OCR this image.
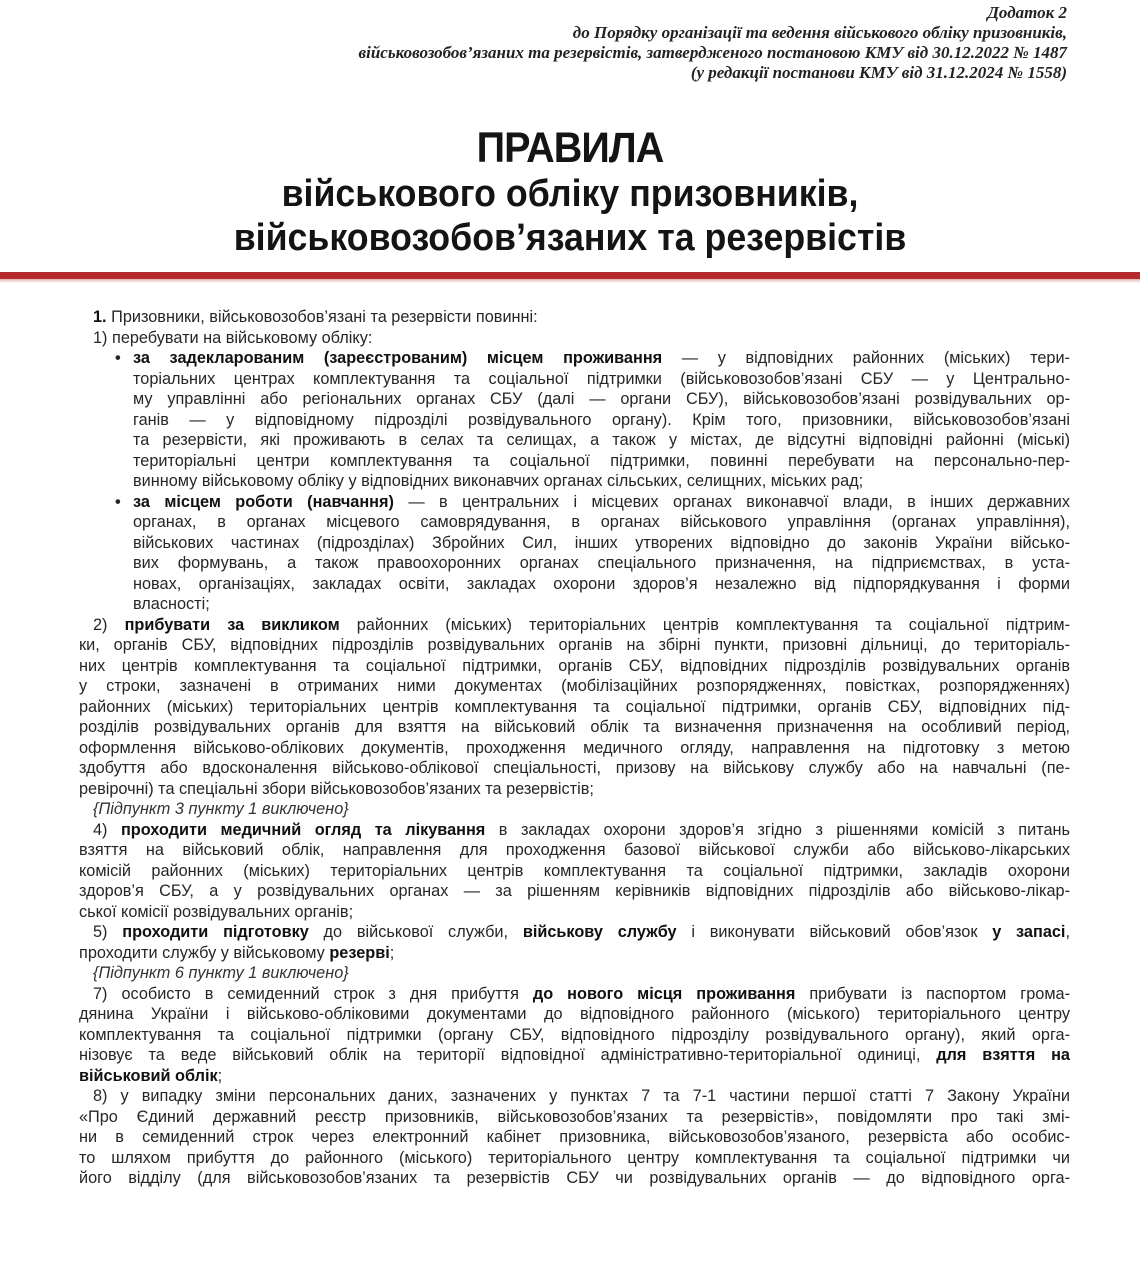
Додаток 2
до Порядку організації та ведення військового обліку призовників,
військовозобов’язаних та резервістів, затвердженого постановою КМУ від 30.12.2022 № 1487
(у редакції постанови КМУ від 31.12.2024 № 1558)
ПРАВИЛА
військового обліку призовників,
військовозобов’язаних та резервістів

1. Призовники, військовозобов’язані та резервісти повинні:

1) перебувати на військовому обліку:

• за задекларованим (зареєстрованим) місцем проживання — у відповідних районних (міських) тери-
торіальних центрах комплектування та соціальної підтримки (військовозобов’язані СБУ — у Центрально-
му управлінні або регіональних органах СБУ (далі — органи СБУ), військовозобов’язані розвідувальних ор-
ганів — у відповідному підрозділі розвідувального органу). Крім того, призовники, військовозобов’язані
та резервісти, які проживають в селах та селищах, а також у містах, де відсутні відповідні районні (міські)
територіальні центри комплектування та соціальної підтримки, повинні перебувати на персонально-пер-
винному військовому обліку у відповідних виконавчих органах сільських, селищних, міських рад;
• за місцем роботи (навчання) — в центральних і місцевих органах виконавчої влади, в інших державних
органах, в органах місцевого самоврядування, в органах військового управління (органах управління),
військових частинах (підрозділах) Збройних Сил, інших утворених відповідно до законів України військо-
вих формувань, а також правоохоронних органах спеціального призначення, на підприємствах, в уста-
новах, організаціях, закладах освіти, закладах охорони здоров’я незалежно від підпорядкування і форми
власності;

2) прибувати за викликом районних (міських) територіальних центрів комплектування та соціальної підтрим-
ки, органів СБУ, відповідних підрозділів розвідувальних органів на збірні пункти, призовні дільниці, до територіаль-
них центрів комплектування та соціальної підтримки, органів СБУ, відповідних підрозділів розвідувальних органів
у строки, зазначені в отриманих ними документах (мобілізаційних розпорядженнях, повістках, розпорядженнях)
районних (міських) територіальних центрів комплектування та соціальної підтримки, органів СБУ, відповідних під-
розділів розвідувальних органів для взяття на військовий облік та визначення призначення на особливий період,
оформлення військово-облікових документів, проходження медичного огляду, направлення на підготовку з метою
здобуття або вдосконалення військово-облікової спеціальності, призову на військову службу або на навчальні (пе-
ревірочні) та спеціальні збори військовозобов’язаних та резервістів;

{Підпункт 3 пункту 1 виключено}

4) проходити медичний огляд та лікування в закладах охорони здоров’я згідно з рішеннями комісій з питань
взяття на військовий облік, направлення для проходження базової військової служби або військово-лікарських
комісій районних (міських) територіальних центрів комплектування та соціальної підтримки, закладів охорони
здоров’я СБУ, а у розвідувальних органах — за рішенням керівників відповідних підрозділів або військово-лікар-
ської комісії розвідувальних органів;

5) проходити підготовку до військової служби, військову службу і виконувати військовий обов’язок у запасі,
проходити службу у військовому резерві;

{Підпункт 6 пункту 1 виключено}

7) особисто в семиденний строк з дня прибуття до нового місця проживання прибувати із паспортом грома-
дянина України і військово-обліковими документами до відповідного районного (міського) територіального центру
комплектування та соціальної підтримки (органу СБУ, відповідного підрозділу розвідувального органу), який орга-
нізовує та веде військовий облік на території відповідної адміністративно-територіальної одиниці, для взяття на
військовий облік;

8) у випадку зміни персональних даних, зазначених у пунктах 7 та 7-1 частини першої статті 7 Закону України
«Про Єдиний державний реєстр призовників, військовозобов’язаних та резервістів», повідомляти про такі змі-
ни в семиденний строк через електронний кабінет призовника, військовозобов’язаного, резервіста або особис-
то шляхом прибуття до районного (міського) територіального центру комплектування та соціальної підтримки чи
його відділу (для військовозобов’язаних та резервістів СБУ чи розвідувальних органів — до відповідного орга-
